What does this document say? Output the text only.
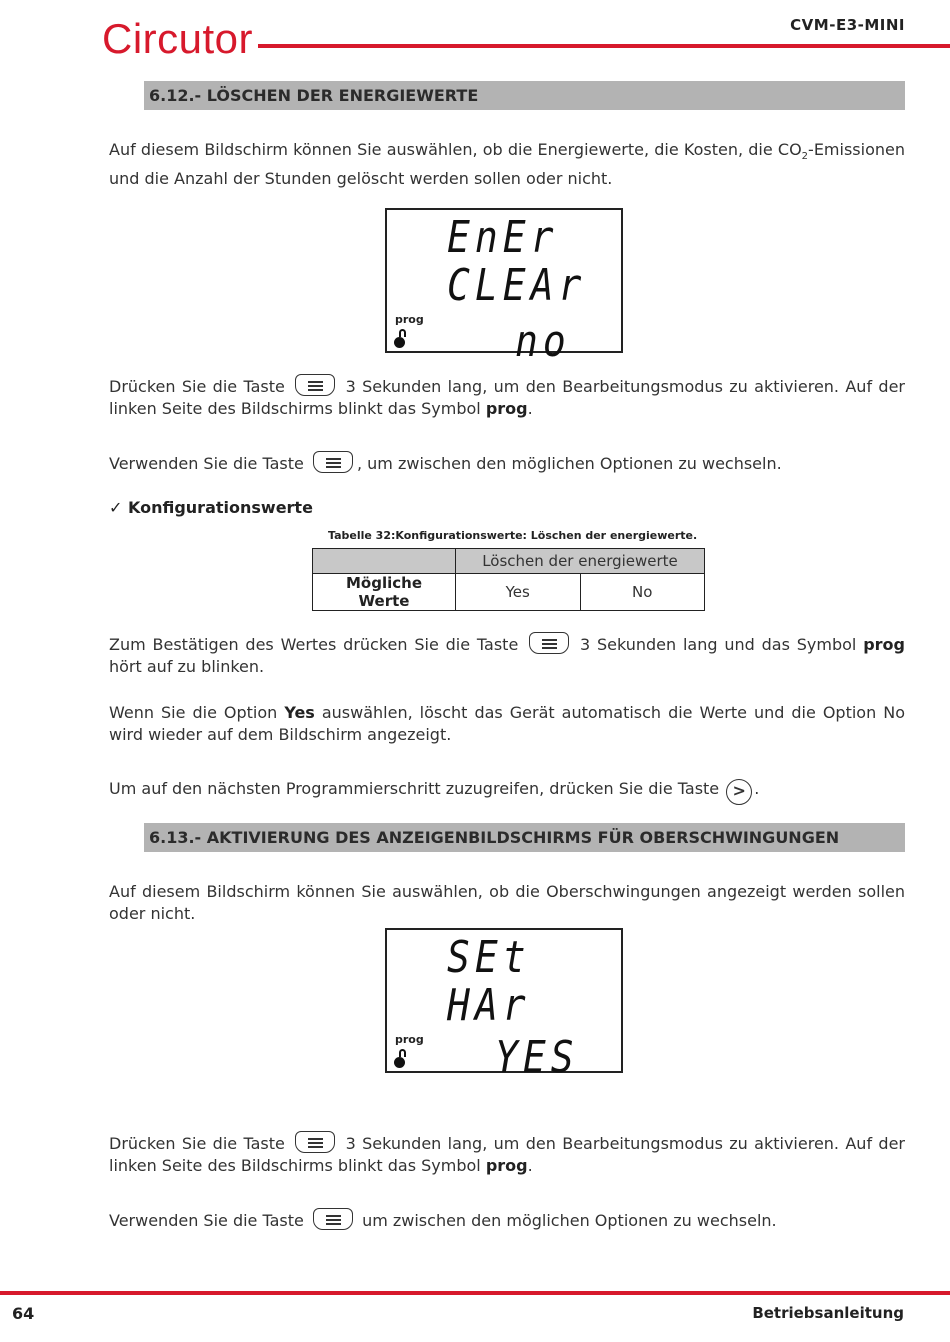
Circutor	CVM-E3-MINI
6.12.- LÖSCHEN DER ENERGIEWERTE
Auf diesem Bildschirm können Sie auswählen, ob die Energiewerte, die Kosten, die $CO_2$-Emissionen und die Anzahl der Stunden gelöscht werden sollen oder nicht.
EnEr
CLEAr
prog no
Drücken Sie die Taste	3 Sekunden lang, um den Bearbeitungsmodus zu aktivieren. Auf der linken Seite des Bildschirms blinkt das Symbol prog.
Verwenden Sie die Taste	, um zwischen den möglichen Optionen zu wechseln.
✓ Konfigurationswerte
Tabelle 32:Konfigurationswerte: Löschen der energiewerte.
	Löschen der energiewerte	
Mögliche Werte	Yes	No
Zum Bestätigen des Wertes drücken Sie die Taste	3 Sekunden lang und das Symbol prog hört auf zu blinken.
Wenn Sie die Option Yes auswählen, löscht das Gerät automatisch die Werte und die Option No wird wieder auf dem Bildschirm angezeigt.
Um auf den nächsten Programmierschritt zuzugreifen, drücken Sie die Taste > .
6.13.- AKTIVIERUNG DES ANZEIGENBILDSCHIRMS FÜR OBERSCHWINGUNGEN
Auf diesem Bildschirm können Sie auswählen, ob die Oberschwingungen angezeigt werden sollen oder nicht.
SEt
HAr
prog YES
Drücken Sie die Taste	3 Sekunden lang, um den Bearbeitungsmodus zu aktivieren. Auf der linken Seite des Bildschirms blinkt das Symbol prog.
Verwenden Sie die Taste	um zwischen den möglichen Optionen zu wechseln.
64	Betriebsanleitung
